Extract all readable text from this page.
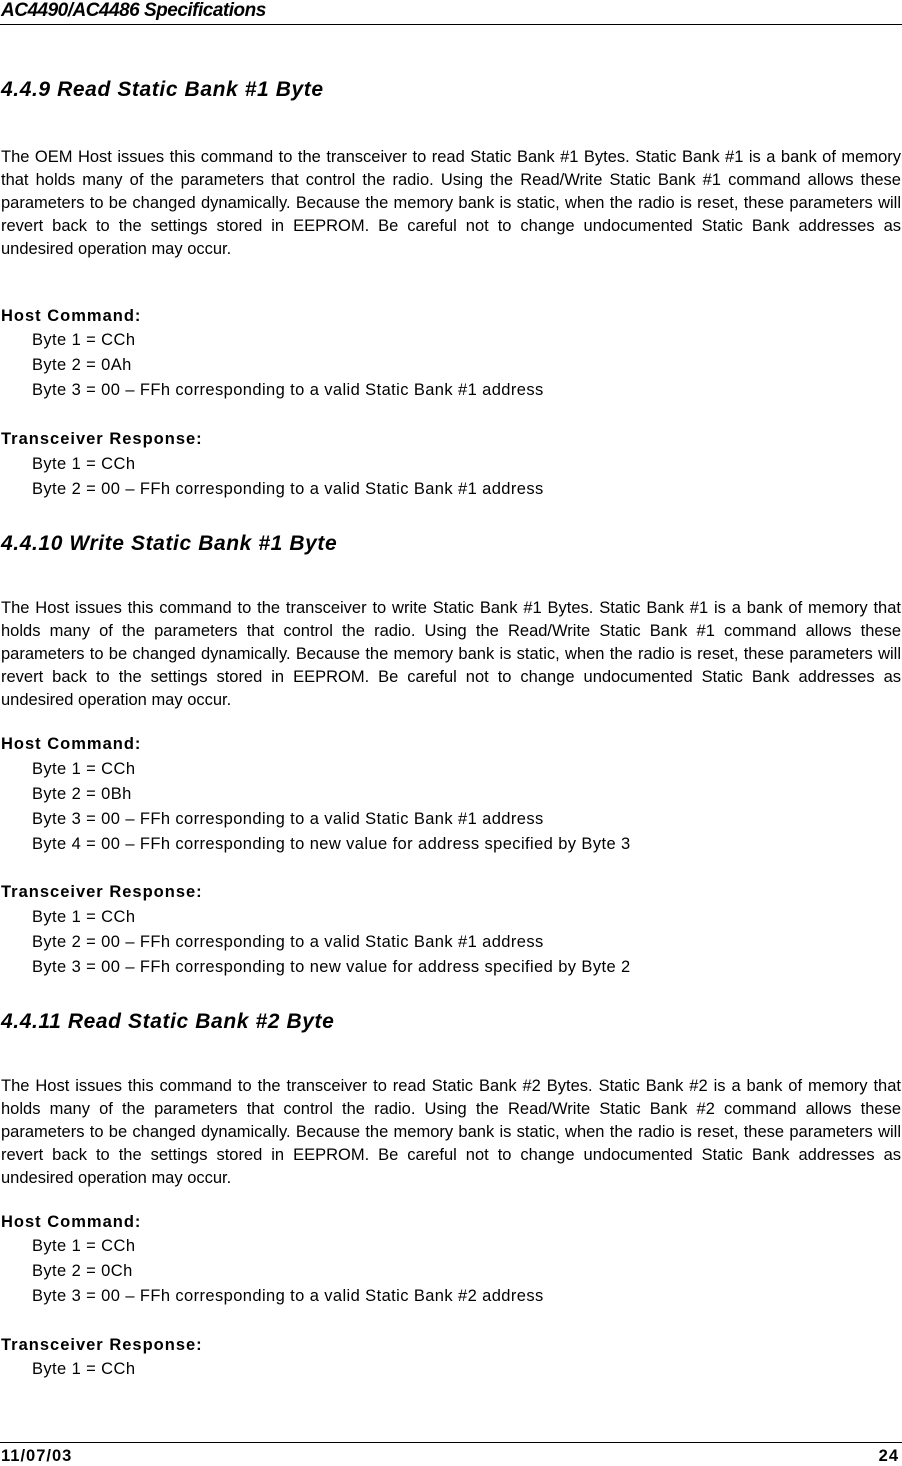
AC4490/AC4486 Specifications
4.4.9 Read Static Bank #1 Byte
The OEM Host issues this command to the transceiver to read Static Bank #1 Bytes. Static Bank #1 is a bank of memory that holds many of the parameters that control the radio. Using the Read/Write Static Bank #1 command allows these parameters to be changed dynamically. Because the memory bank is static, when the radio is reset, these parameters will revert back to the settings stored in EEPROM. Be careful not to change undocumented Static Bank addresses as undesired operation may occur.
Host Command:
Byte 1 = CCh
Byte 2 = 0Ah
Byte 3 = 00 – FFh corresponding to a valid Static Bank #1 address
Transceiver Response:
Byte 1 = CCh
Byte 2 = 00 – FFh corresponding to a valid Static Bank #1 address
4.4.10 Write Static Bank #1 Byte
The Host issues this command to the transceiver to write Static Bank #1 Bytes. Static Bank #1 is a bank of memory that holds many of the parameters that control the radio. Using the Read/Write Static Bank #1 command allows these parameters to be changed dynamically. Because the memory bank is static, when the radio is reset, these parameters will revert back to the settings stored in EEPROM. Be careful not to change undocumented Static Bank addresses as undesired operation may occur.
Host Command:
Byte 1 = CCh
Byte 2 = 0Bh
Byte 3 = 00 – FFh corresponding to a valid Static Bank #1 address
Byte 4 = 00 – FFh corresponding to new value for address specified by Byte 3
Transceiver Response:
Byte 1 = CCh
Byte 2 = 00 – FFh corresponding to a valid Static Bank #1 address
Byte 3 = 00 – FFh corresponding to new value for address specified by Byte 2
4.4.11 Read Static Bank #2 Byte
The Host issues this command to the transceiver to read Static Bank #2 Bytes. Static Bank #2 is a bank of memory that holds many of the parameters that control the radio. Using the Read/Write Static Bank #2 command allows these parameters to be changed dynamically. Because the memory bank is static, when the radio is reset, these parameters will revert back to the settings stored in EEPROM. Be careful not to change undocumented Static Bank addresses as undesired operation may occur.
Host Command:
Byte 1 = CCh
Byte 2 = 0Ch
Byte 3 = 00 – FFh corresponding to a valid Static Bank #2 address
Transceiver Response:
Byte 1 = CCh
11/07/03	24
